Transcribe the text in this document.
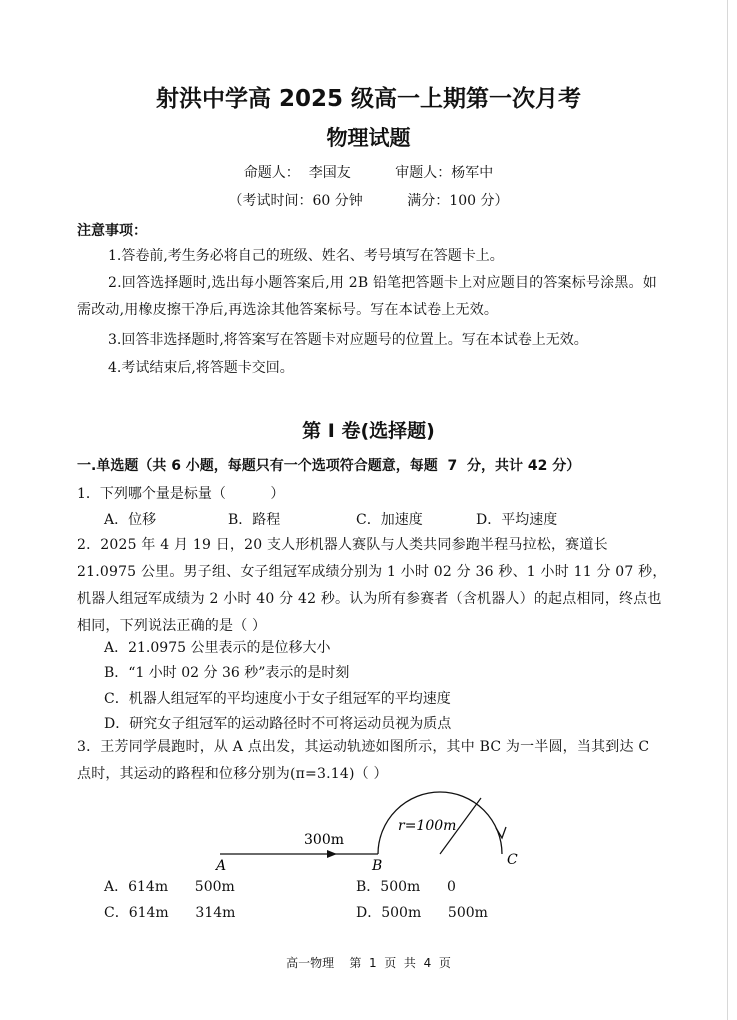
射洪中学高 2025 级高一上期第一次月考
物理试题
命题人：  李国友          审题人：杨军中
（考试时间：60 分钟          满分：100 分）
注意事项：
1.答卷前,考生务必将自己的班级、姓名、考号填写在答题卡上。
2.回答选择题时,选出每小题答案后,用 2B 铅笔把答题卡上对应题目的答案标号涂黑。如需改动,用橡皮擦干净后,再选涂其他答案标号。写在本试卷上无效。
3.回答非选择题时,将答案写在答题卡对应题号的位置上。写在本试卷上无效。
4.考试结束后,将答题卡交回。
第 I 卷(选择题)
一.单选题（共 6 小题，每题只有一个选项符合题意，每题  7  分，共计 42 分）
1．下列哪个量是标量（          ）
A．位移	B．路程	C．加速度	D．平均速度
2．2025 年 4 月 19 日，20 支人形机器人赛队与人类共同参跑半程马拉松，赛道长 21.0975 公里。男子组、女子组冠军成绩分别为 1 小时 02 分 36 秒、1 小时 11 分 07 秒，机器人组冠军成绩为 2 小时 40 分 42 秒。认为所有参赛者（含机器人）的起点相同，终点也相同，下列说法正确的是（ ）
A．21.0975 公里表示的是位移大小
B．“1 小时 02 分 36 秒”表示的是时刻
C．机器人组冠军的平均速度小于女子组冠军的平均速度
D．研究女子组冠军的运动路径时不可将运动员视为质点
3．王芳同学晨跑时，从 A 点出发，其运动轨迹如图所示，其中 BC 为一半圆，当其到达 C 点时，其运动的路程和位移分别为(π=3.14)（ ）
300m
r=100m
A	B	C
A．614m      500m	B．500m      0
C．614m      314m	D．500m      500m
高一物理    第  1  页  共  4  页
